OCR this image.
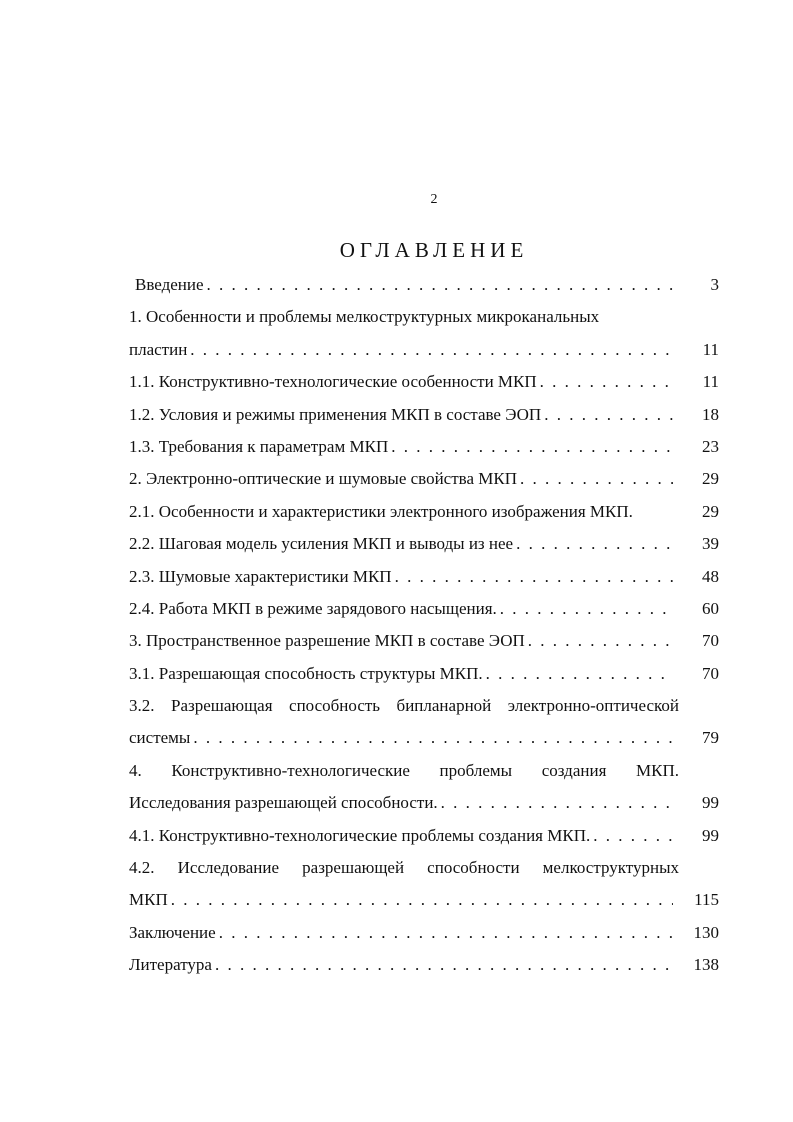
2
ОГЛАВЛЕНИЕ
Введение . . .	3
1. Особенности и проблемы мелкоструктурных микроканальных
пластин . . .	11
1.1. Конструктивно-технологические особенности МКП . . .	11
1.2. Условия и режимы применения МКП в составе ЭОП . . .	18
1.3. Требования к параметрам МКП . . .	23
2. Электронно-оптические и шумовые свойства МКП . . .	29
2.1. Особенности и характеристики электронного изображения МКП.	29
2.2. Шаговая модель усиления МКП и выводы из нее . . .	39
2.3. Шумовые характеристики МКП . . .	48
2.4. Работа МКП в режиме зарядового насыщения. . . .	60
3. Пространственное разрешение МКП в составе ЭОП . . .	70
3.1. Разрешающая способность структуры МКП. . . .	70
3.2. Разрешающая способность бипланарной электронно-оптической
системы . . .	79
4. Конструктивно-технологические проблемы создания МКП.
Исследования разрешающей способности. . . .	99
4.1. Конструктивно-технологические проблемы создания МКП. . . .	99
4.2. Исследование разрешающей способности мелкоструктурных
МКП . . .	115
Заключение . . .	130
Литература . . .	138
